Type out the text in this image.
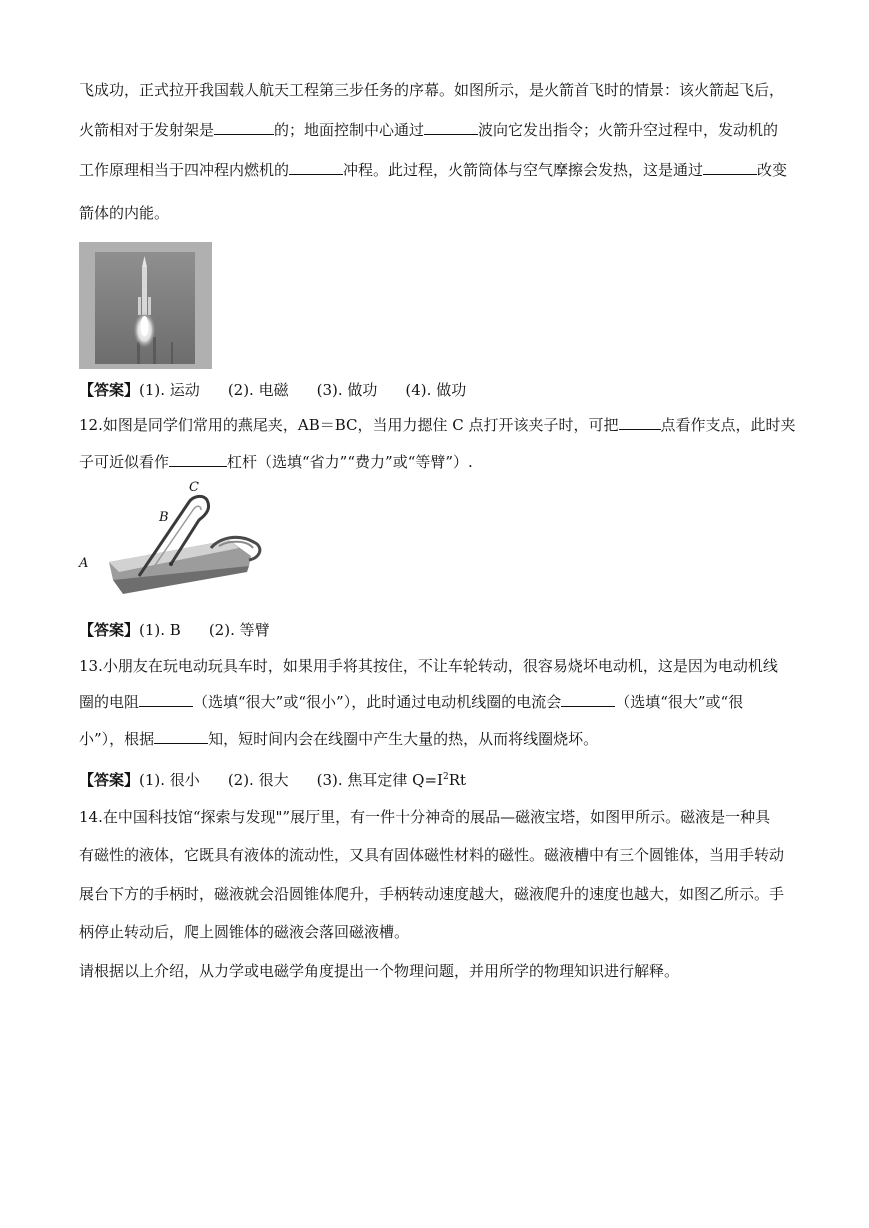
飞成功，正式拉开我国载人航天工程第三步任务的序幕。如图所示，是火箭首飞时的情景：该火箭起飞后，
火箭相对于发射架是	的；地面控制中心通过	波向它发出指令；火箭升空过程中，发动机的
工作原理相当于四冲程内燃机的	冲程。此过程，火箭筒体与空气摩擦会发热，这是通过	改变
箭体的内能。
【答案】(1). 运动 (2). 电磁 (3). 做功 (4). 做功
12.如图是同学们常用的燕尾夹，AB＝BC，当用力摁住 C 点打开该夹子时，可把	点看作支点，此时夹
子可近似看作	杠杆（选填“省力”“费力”或“等臂”）.
C
B
A
【答案】(1). B (2). 等臂
13.小朋友在玩电动玩具车时，如果用手将其按住，不让车轮转动，很容易烧坏电动机，这是因为电动机线
圈的电阻	（选填“很大”或“很小”），此时通过电动机线圈的电流会	（选填“很大”或“很
小”），根据	知，短时间内会在线圈中产生大量的热，从而将线圈烧坏。
【答案】(1). 很小 (2). 很大 (3). 焦耳定律 $Q=I^2Rt$
14.在中国科技馆“探索与发现"”展厅里，有一件十分神奇的展品—磁液宝塔，如图甲所示。磁液是一种具
有磁性的液体，它既具有液体的流动性，又具有固体磁性材料的磁性。磁液槽中有三个圆锥体，当用手转动
展台下方的手柄时，磁液就会沿圆锥体爬升，手柄转动速度越大，磁液爬升的速度也越大，如图乙所示。手
柄停止转动后，爬上圆锥体的磁液会落回磁液槽。
请根据以上介绍，从力学或电磁学角度提出一个物理问题，并用所学的物理知识进行解释。
